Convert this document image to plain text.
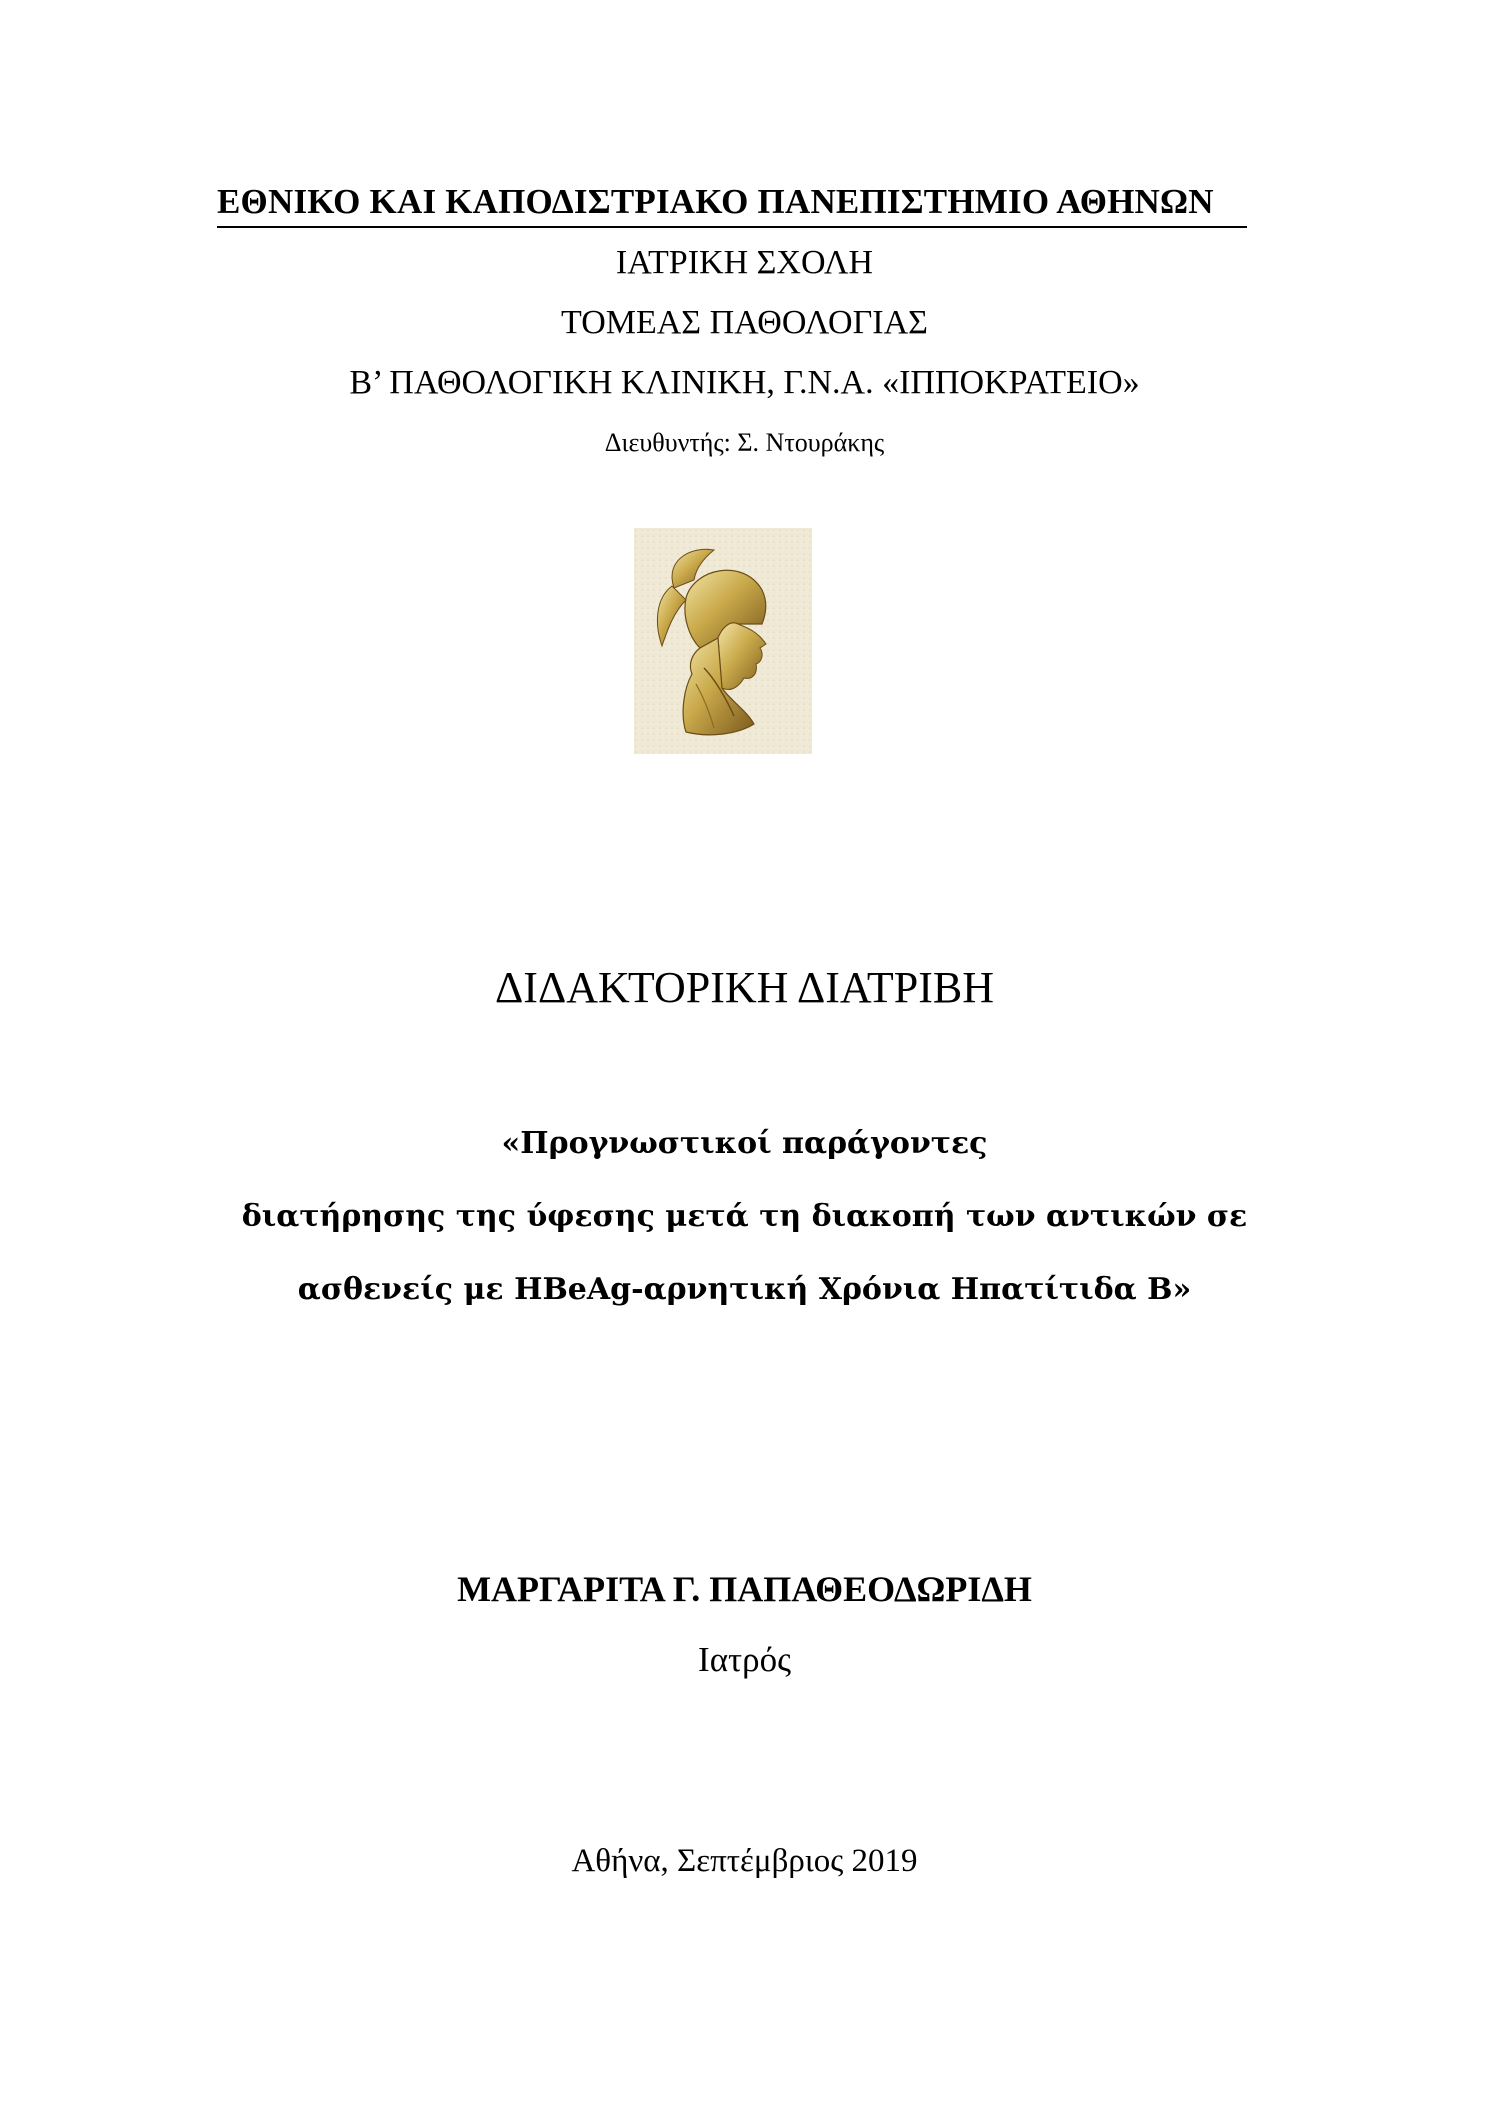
ΕΘΝΙΚΟ ΚΑΙ ΚΑΠΟΔΙΣΤΡΙΑΚΟ ΠΑΝΕΠΙΣΤΗΜΙΟ ΑΘΗΝΩΝ
ΙΑΤΡΙΚΗ ΣΧΟΛΗ
ΤΟΜΕΑΣ ΠΑΘΟΛΟΓΙΑΣ
Β’ ΠΑΘΟΛΟΓΙΚΗ ΚΛΙΝΙΚΗ, Γ.Ν.Α. «ΙΠΠΟΚΡΑΤΕΙΟ»
Διευθυντής: Σ. Ντουράκης
ΔΙΔΑΚΤΟΡΙΚΗ ΔΙΑΤΡΙΒΗ
«Προγνωστικοί παράγοντες
διατήρησης της ύφεσης μετά τη διακοπή των αντικών σε
ασθενείς με HBeAg-αρνητική Χρόνια Ηπατίτιδα Β»
ΜΑΡΓΑΡΙΤΑ Γ. ΠΑΠΑΘΕΟΔΩΡΙΔΗ
Ιατρός
Αθήνα, Σεπτέμβριος 2019
